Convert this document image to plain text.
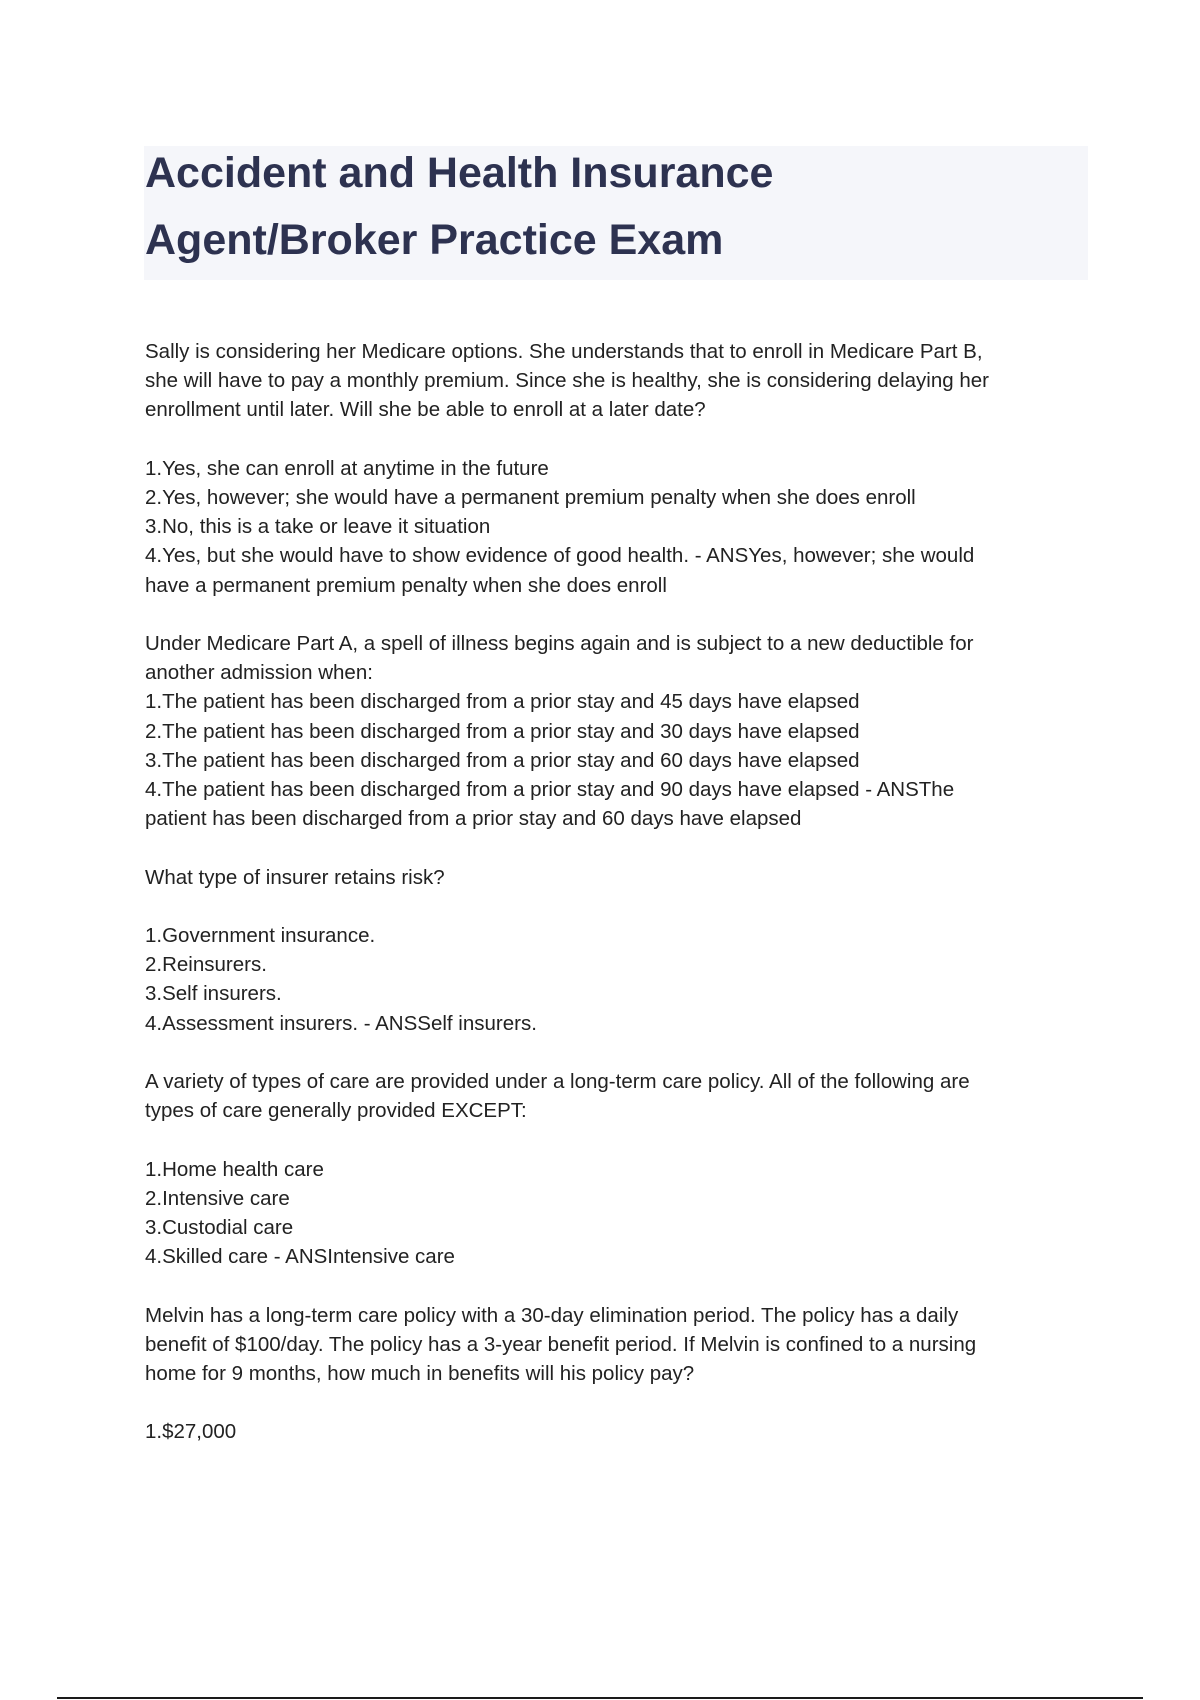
Accident and Health Insurance
Agent/Broker Practice Exam

Sally is considering her Medicare options. She understands that to enroll in Medicare Part B,

she will have to pay a monthly premium. Since she is healthy, she is considering delaying her

enrollment until later. Will she be able to enroll at a later date?

1.Yes, she can enroll at anytime in the future

2.Yes, however; she would have a permanent premium penalty when she does enroll

3.No, this is a take or leave it situation

4.Yes, but she would have to show evidence of good health. - ANSYes, however; she would

have a permanent premium penalty when she does enroll

Under Medicare Part A, a spell of illness begins again and is subject to a new deductible for

another admission when:

1.The patient has been discharged from a prior stay and 45 days have elapsed

2.The patient has been discharged from a prior stay and 30 days have elapsed

3.The patient has been discharged from a prior stay and 60 days have elapsed

4.The patient has been discharged from a prior stay and 90 days have elapsed - ANSThe

patient has been discharged from a prior stay and 60 days have elapsed

What type of insurer retains risk?

1.Government insurance.

2.Reinsurers.

3.Self insurers.

4.Assessment insurers. - ANSSelf insurers.

A variety of types of care are provided under a long-term care policy. All of the following are

types of care generally provided EXCEPT:

1.Home health care

2.Intensive care

3.Custodial care

4.Skilled care - ANSIntensive care

Melvin has a long-term care policy with a 30-day elimination period. The policy has a daily

benefit of $100/day. The policy has a 3-year benefit period. If Melvin is confined to a nursing

home for 9 months, how much in benefits will his policy pay?

1.$27,000
